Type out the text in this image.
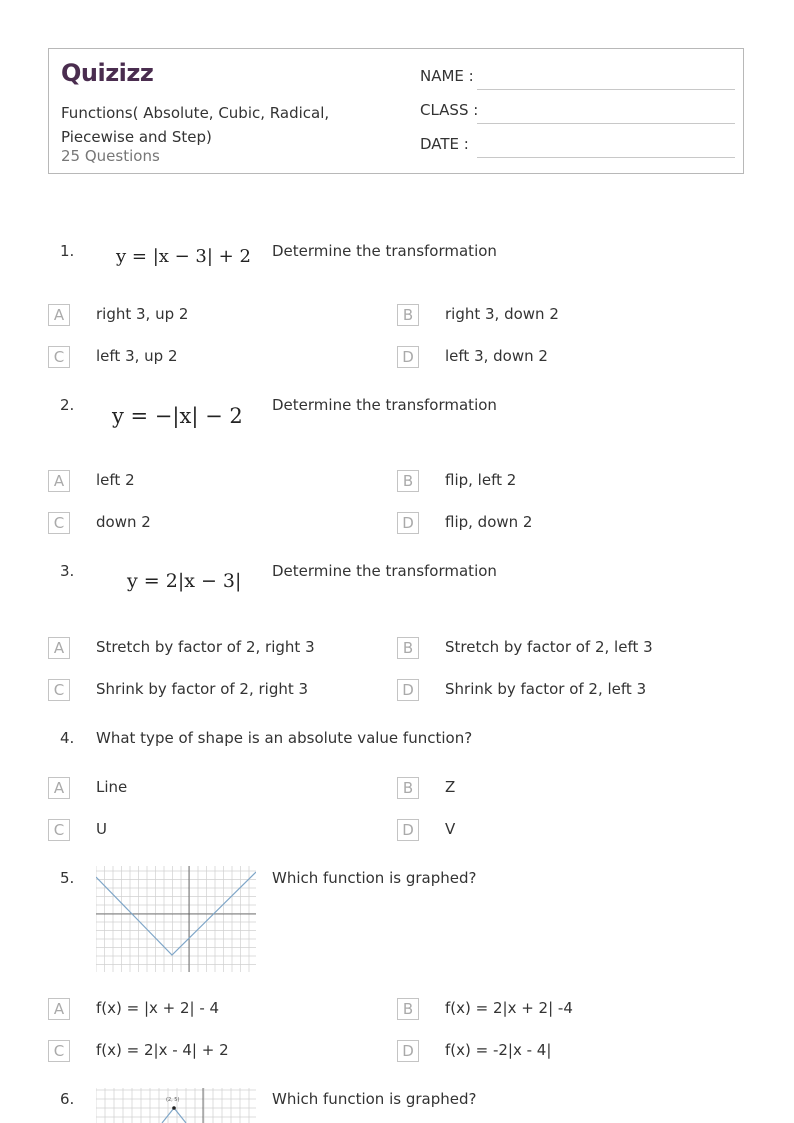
Quizizz
Functions( Absolute, Cubic, Radical, Piecewise and Step)
25 Questions
NAME :
CLASS :
DATE :
1. y = |x − 3| + 2 Determine the transformation
A	right 3, up 2	B	right 3, down 2
C	left 3, up 2	D	left 3, down 2
2. y = −|x| − 2 Determine the transformation
A	left 2	B	flip, left 2
C	down 2	D	flip, down 2
3.	y = 2|x − 3| Determine the transformation
A	Stretch by factor of 2, right 3	B	Stretch by factor of 2, left 3
C	Shrink by factor of 2, right 3	D	Shrink by factor of 2, left 3
4. What type of shape is an absolute value function?
A	Line	B	Z
C	U	D	V
5.	Which function is graphed?
A	f(x) = |x + 2| - 4	B	f(x) = 2|x + 2| -4
C	f(x) = 2|x - 4| + 2	D	f(x) = -2|x - 4|
6.	(2, 5)	Which function is graphed?
